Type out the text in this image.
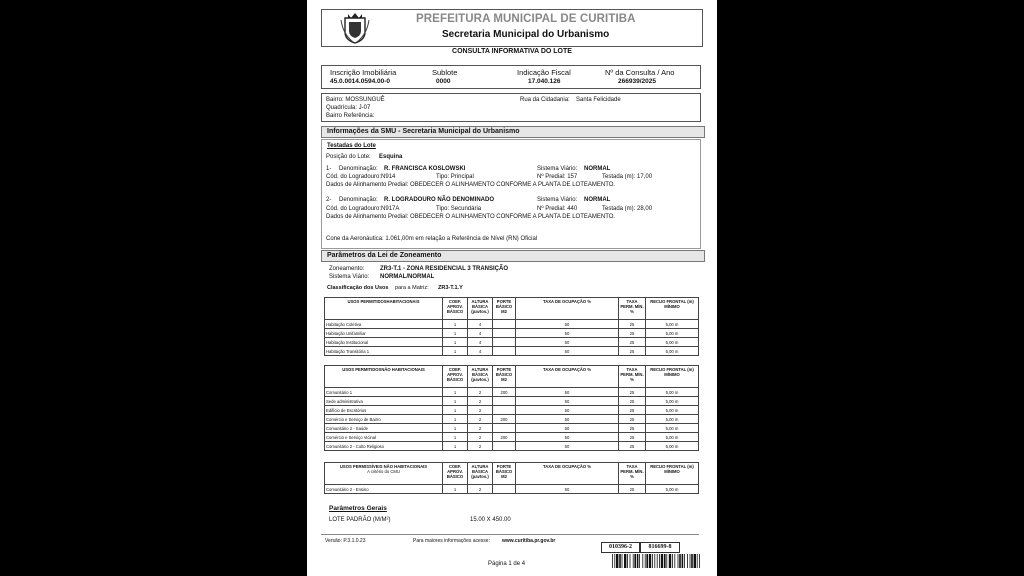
PREFEITURA MUNICIPAL DE CURITIBA
Secretaria Municipal do Urbanismo
CONSULTA INFORMATIVA DO LOTE
Inscrição Imobiliária
45.0.0014.0594.00-0
Sublote
0000
Indicação Fiscal
17.040.126
Nº da Consulta / Ano
266939/2025
Bairro: MOSSUNGUÊ
Quadrícula: J-07
Bairro Referência:
Rua da Cidadania: Santa Felicidade
Informações da SMU - Secretaria Municipal do Urbanismo
Testadas do Lote
Posição do Lote: Esquina
1- Denominação: R. FRANCISCA KOSLOWSKI	Sistema Viário: NORMAL
Cód. do Logradouro:N914	Tipo: Principal	Nº Predial: 157	Testada (m): 17,00
Dados de Alinhamento Predial: OBEDECER O ALINHAMENTO CONFORME A PLANTA DE LOTEAMENTO.
2- Denominação: R. LOGRADOURO NÃO DENOMINADO	Sistema Viário: NORMAL
Cód. do Logradouro:N917A	Tipo: Secundária	Nº Predial: 440	Testada (m): 28,00
Dados de Alinhamento Predial: OBEDECER O ALINHAMENTO CONFORME A PLANTA DE LOTEAMENTO.
Cone da Aeronáutica: 1.061,00m em relação a Referência de Nível (RN) Oficial
Parâmetros da Lei de Zoneamento
Zoneamento:	ZR3-T.1 - ZONA RESIDENCIAL 3 TRANSIÇÃO
Sistema Viário: NORMAL/NORMAL
Classificação dos Usos para a Matriz: ZR3-T.1.Y
USOS PERMITIDOSHABITACIONAIS	COEF. APROV. BÁSICO	ALTURA BÁSICA (pavtos.)	PORTE BÁSICO M2	TAXA DE OCUPAÇÃO %	TAXA PERM. MÍN. %	RECUO FRONTAL (m) MÍNIMO
Habitação Coletiva	1	4		50	25	5,00 m
Habitação Unifamiliar	1	4		50	25	5,00 m
Habitação Institucional	1	4		50	25	5,00 m
Habitação Transitória 1	1	4		50	25	5,00 m
USOS PERMITIDOSNÃO HABITACIONAIS	COEF. APROV. BÁSICO	ALTURA BÁSICA (pavtos.)	PORTE BÁSICO M2	TAXA DE OCUPAÇÃO %	TAXA PERM. MÍN. %	RECUO FRONTAL (m) MÍNIMO
Comunitário 1	1	2	200	50	25	5,00 m
Sede administrativa	1	2		50	25	5,00 m
Edifício de Escritórios	1	2		50	25	5,00 m
Comércio e Serviço de Bairro	1	2	200	50	25	5,00 m
Comunitário 2 - Saúde	1	2		50	25	5,00 m
Comércio e Serviço Vicinal	1	2	200	50	25	5,00 m
Comunitário 2 - Culto Religioso	1	2		50	25	5,00 m
USOS PERMISSÍVEIS NÃO HABITACIONAIS
A critério do CMU	COEF. APROV. BÁSICO	ALTURA BÁSICA (pavtos.)	PORTE BÁSICO M2	TAXA DE OCUPAÇÃO %	TAXA PERM. MÍN. %	RECUO FRONTAL (m) MÍNIMO
Comunitário 2 - Ensino	1	2		50	25	5,00 m
Parâmetros Gerais
LOTE PADRÃO (M/M²)	15.00 X 450.00
Versão: P.3.1.0.23	Para maiores informações acesse: www.curitiba.pr.gov.br
010396-2	816699-8
Página 1 de 4
